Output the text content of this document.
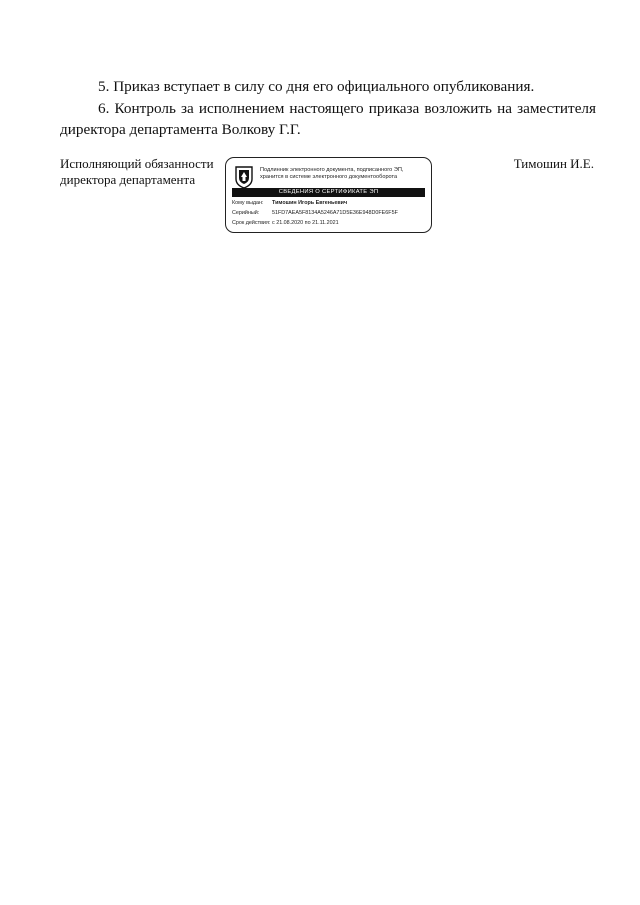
5. Приказ вступает в силу со дня его официального опубликования.

6. Контроль за исполнением настоящего приказа возложить на заместителя директора департамента Волкову Г.Г.

Исполняющий обязанности
директора департамента
Подлинник электронного документа, подписанного ЭП,
хранится в системе электронного документооборота
СВЕДЕНИЯ О СЕРТИФИКАТЕ ЭП
Кому выдан: Тимошин Игорь Евгеньевич
Серийный: 51FD7AEA5F8134A5246A71D5E36E948D0FE6F5F
Срок действия: с 21.08.2020 по 21.11.2021
Тимошин И.Е.
